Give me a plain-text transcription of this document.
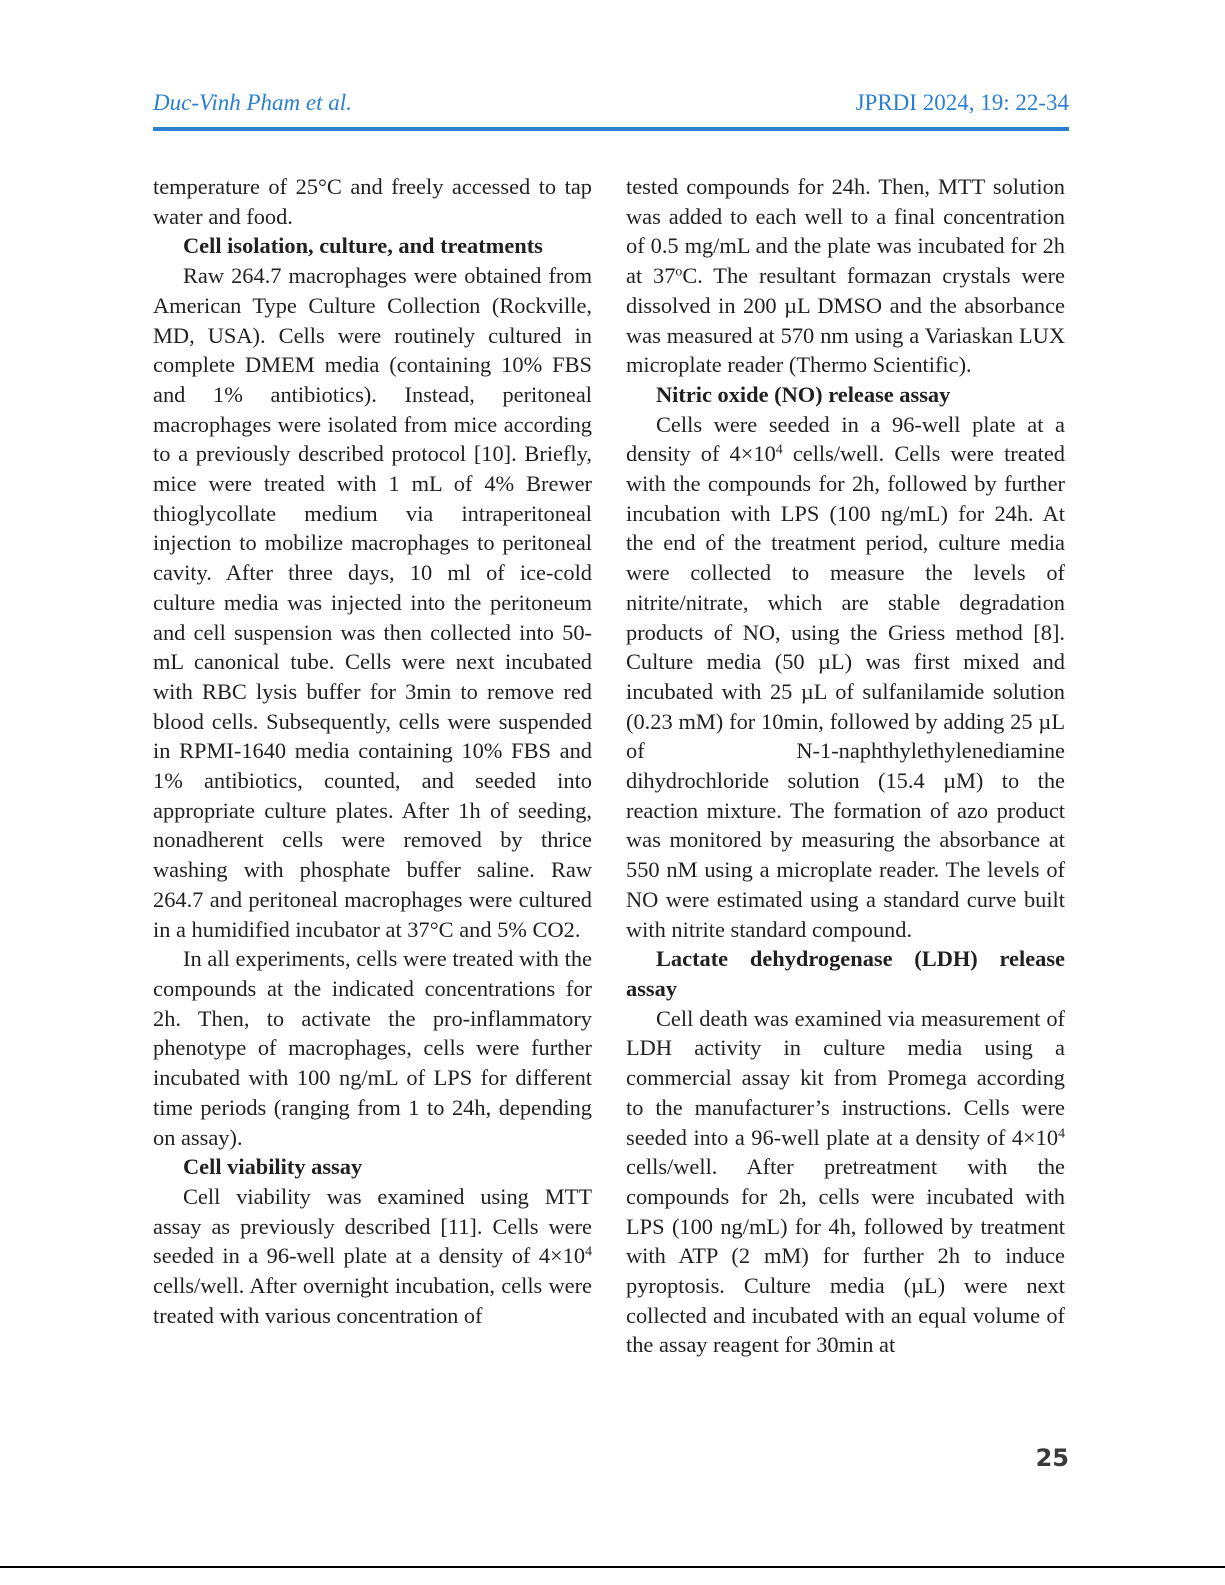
Duc-Vinh Pham et al.	JPRDI 2024, 19: 22-34

temperature of 25°C and freely accessed to tap water and food.

Cell isolation, culture, and treatments

Raw 264.7 macrophages were obtained from American Type Culture Collection (Rockville, MD, USA). Cells were routinely cultured in complete DMEM media (containing 10% FBS and 1% antibiotics). Instead, peritoneal macrophages were isolated from mice according to a previously described protocol [10]. Briefly, mice were treated with 1 mL of 4% Brewer thioglycollate medium via intraperitoneal injection to mobilize macrophages to peritoneal cavity. After three days, 10 ml of ice-cold culture media was injected into the peritoneum and cell suspension was then collected into 50-mL canonical tube. Cells were next incubated with RBC lysis buffer for 3min to remove red blood cells. Subsequently, cells were suspended in RPMI-1640 media containing 10% FBS and 1% antibiotics, counted, and seeded into appropriate culture plates. After 1h of seeding, nonadherent cells were removed by thrice washing with phosphate buffer saline. Raw 264.7 and peritoneal macrophages were cultured in a humidified incubator at 37°C and 5% CO2.

In all experiments, cells were treated with the compounds at the indicated concentrations for 2h. Then, to activate the pro-inflammatory phenotype of macrophages, cells were further incubated with 100 ng/mL of LPS for different time periods (ranging from 1 to 24h, depending on assay).

Cell viability assay

Cell viability was examined using MTT assay as previously described [11]. Cells were seeded in a 96-well plate at a density of $4\times 10^4$ cells/well. After overnight incubation, cells were treated with various concentration of

tested compounds for 24h. Then, MTT solution was added to each well to a final concentration of 0.5 mg/mL and the plate was incubated for 2h at 37$^o$C. The resultant formazan crystals were dissolved in 200 µL DMSO and the absorbance was measured at 570 nm using a Variaskan LUX microplate reader (Thermo Scientific).

Nitric oxide (NO) release assay

Cells were seeded in a 96-well plate at a density of $4\times 10^4$ cells/well. Cells were treated with the compounds for 2h, followed by further incubation with LPS (100 ng/mL) for 24h. At the end of the treatment period, culture media were collected to measure the levels of nitrite/nitrate, which are stable degradation products of NO, using the Griess method [8]. Culture media (50 µL) was first mixed and incubated with 25 µL of sulfanilamide solution (0.23 mM) for 10min, followed by adding 25 µL of N-1-naphthylethylenediamine dihydrochloride solution (15.4 µM) to the reaction mixture. The formation of azo product was monitored by measuring the absorbance at 550 nM using a microplate reader. The levels of NO were estimated using a standard curve built with nitrite standard compound.

Lactate dehydrogenase (LDH) release assay

Cell death was examined via measurement of LDH activity in culture media using a commercial assay kit from Promega according to the manufacturer’s instructions. Cells were seeded into a 96-well plate at a density of $4\times 10^4$ cells/well. After pretreatment with the compounds for 2h, cells were incubated with LPS (100 ng/mL) for 4h, followed by treatment with ATP (2 mM) for further 2h to induce pyroptosis. Culture media (µL) were next collected and incubated with an equal volume of the assay reagent for 30min at

25
